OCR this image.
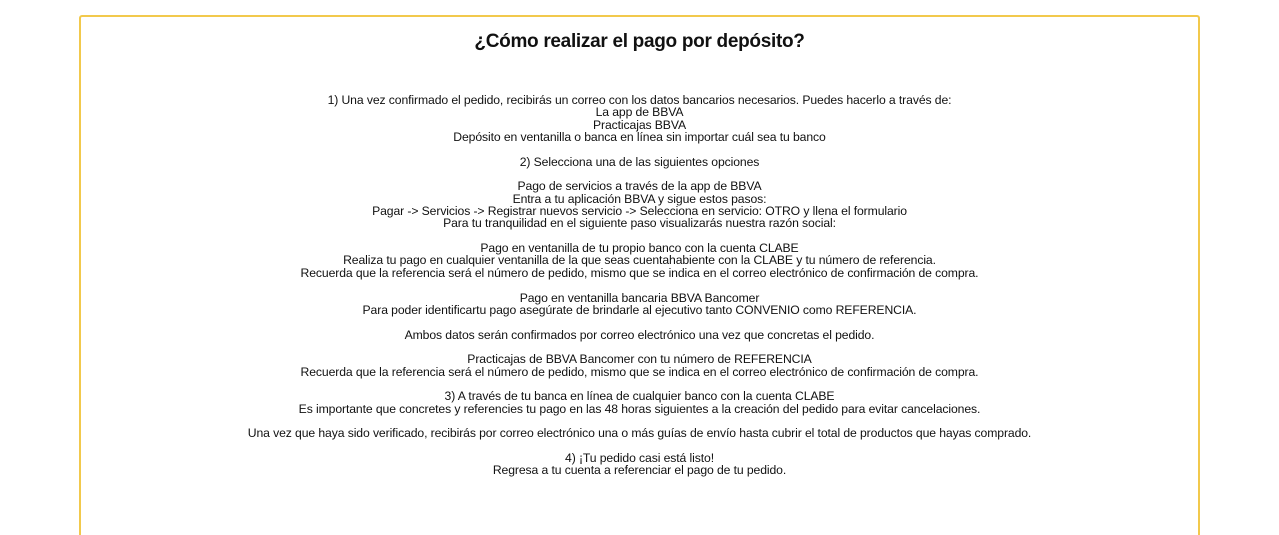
¿Cómo realizar el pago por depósito?

1) Una vez confirmado el pedido, recibirás un correo con los datos bancarios necesarios. Puedes hacerlo a través de:
La app de BBVA
Practicajas BBVA
Depósito en ventanilla o banca en línea sin importar cuál sea tu banco

2) Selecciona una de las siguientes opciones

Pago de servicios a través de la app de BBVA
Entra a tu aplicación BBVA y sigue estos pasos:
Pagar -> Servicios -> Registrar nuevos servicio -> Selecciona en servicio: OTRO y llena el formulario
Para tu tranquilidad en el siguiente paso visualizarás nuestra razón social:

Pago en ventanilla de tu propio banco con la cuenta CLABE
Realiza tu pago en cualquier ventanilla de la que seas cuentahabiente con la CLABE y tu número de referencia.
Recuerda que la referencia será el número de pedido, mismo que se indica en el correo electrónico de confirmación de compra.

Pago en ventanilla bancaria BBVA Bancomer
Para poder identificartu pago asegúrate de brindarle al ejecutivo tanto CONVENIO como REFERENCIA.

Ambos datos serán confirmados por correo electrónico una vez que concretas el pedido.

Practicajas de BBVA Bancomer con tu número de REFERENCIA
Recuerda que la referencia será el número de pedido, mismo que se indica en el correo electrónico de confirmación de compra.

3) A través de tu banca en línea de cualquier banco con la cuenta CLABE
Es importante que concretes y referencies tu pago en las 48 horas siguientes a la creación del pedido para evitar cancelaciones.

Una vez que haya sido verificado, recibirás por correo electrónico una o más guías de envío hasta cubrir el total de productos que hayas comprado.

4) ¡Tu pedido casi está listo!
Regresa a tu cuenta a referenciar el pago de tu pedido.
